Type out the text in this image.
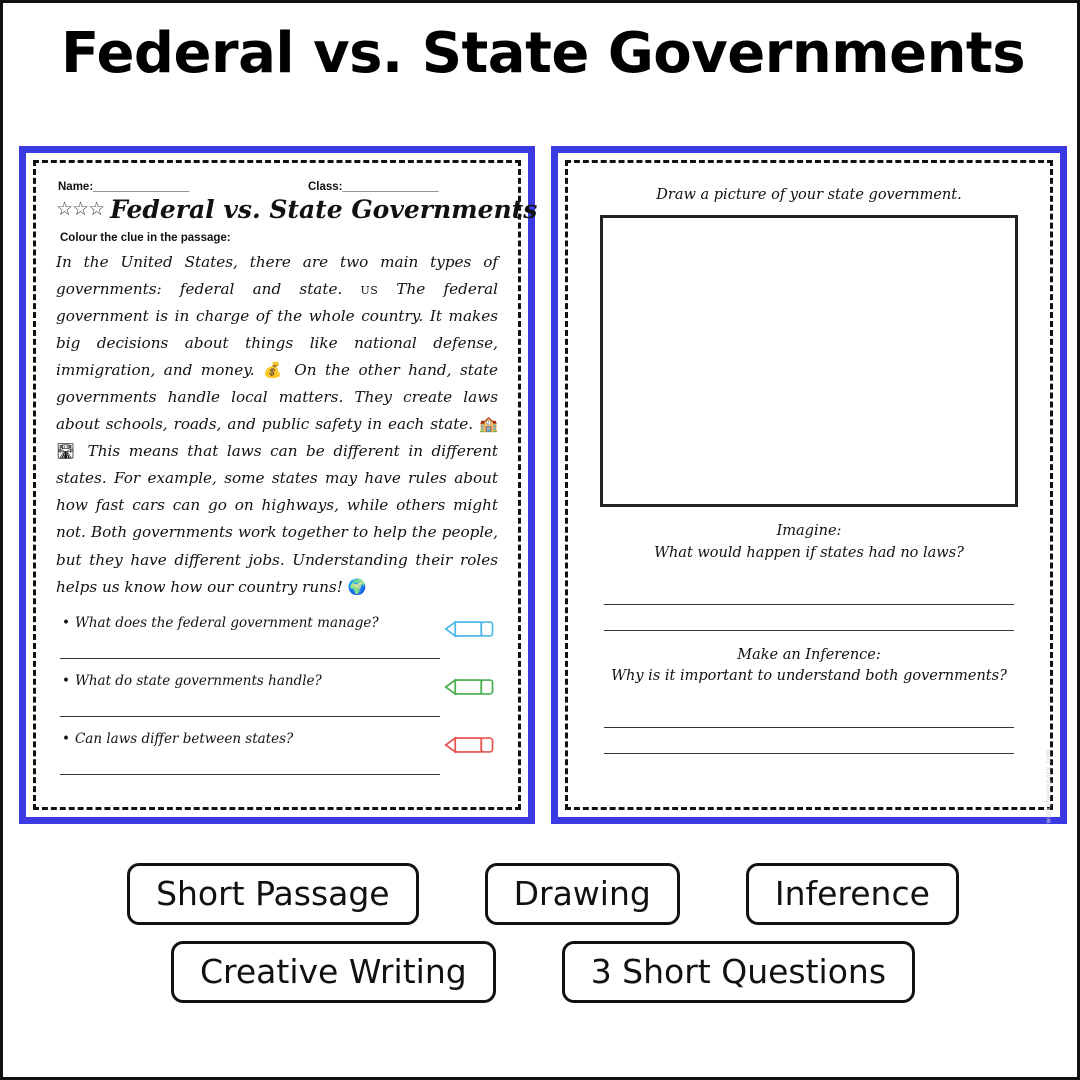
Federal vs. State Governments
Name:_______________	Class:_______________
☆☆☆ Federal vs. State Governments
Colour the clue in the passage:
In the United States, there are two main types of governments: federal and state. US The federal government is in charge of the whole country. It makes big decisions about things like national defense, immigration, and money. 💰 On the other hand, state governments handle local matters. They create laws about schools, roads, and public safety in each state. 🏫 🛣 This means that laws can be different in different states. For example, some states may have rules about how fast cars can go on highways, while others might not. Both governments work together to help the people, but they have different jobs. Understanding their roles helps us know how our country runs! 🌍
• What does the federal government manage?
• What do state governments handle?
• Can laws differ between states?
Draw a picture of your state government.
Imagine:
What would happen if states had no laws?
Make an Inference:
Why is it important to understand both governments?
worksheetspack.com
Short Passage	Drawing	Inference
Creative Writing	3 Short Questions
